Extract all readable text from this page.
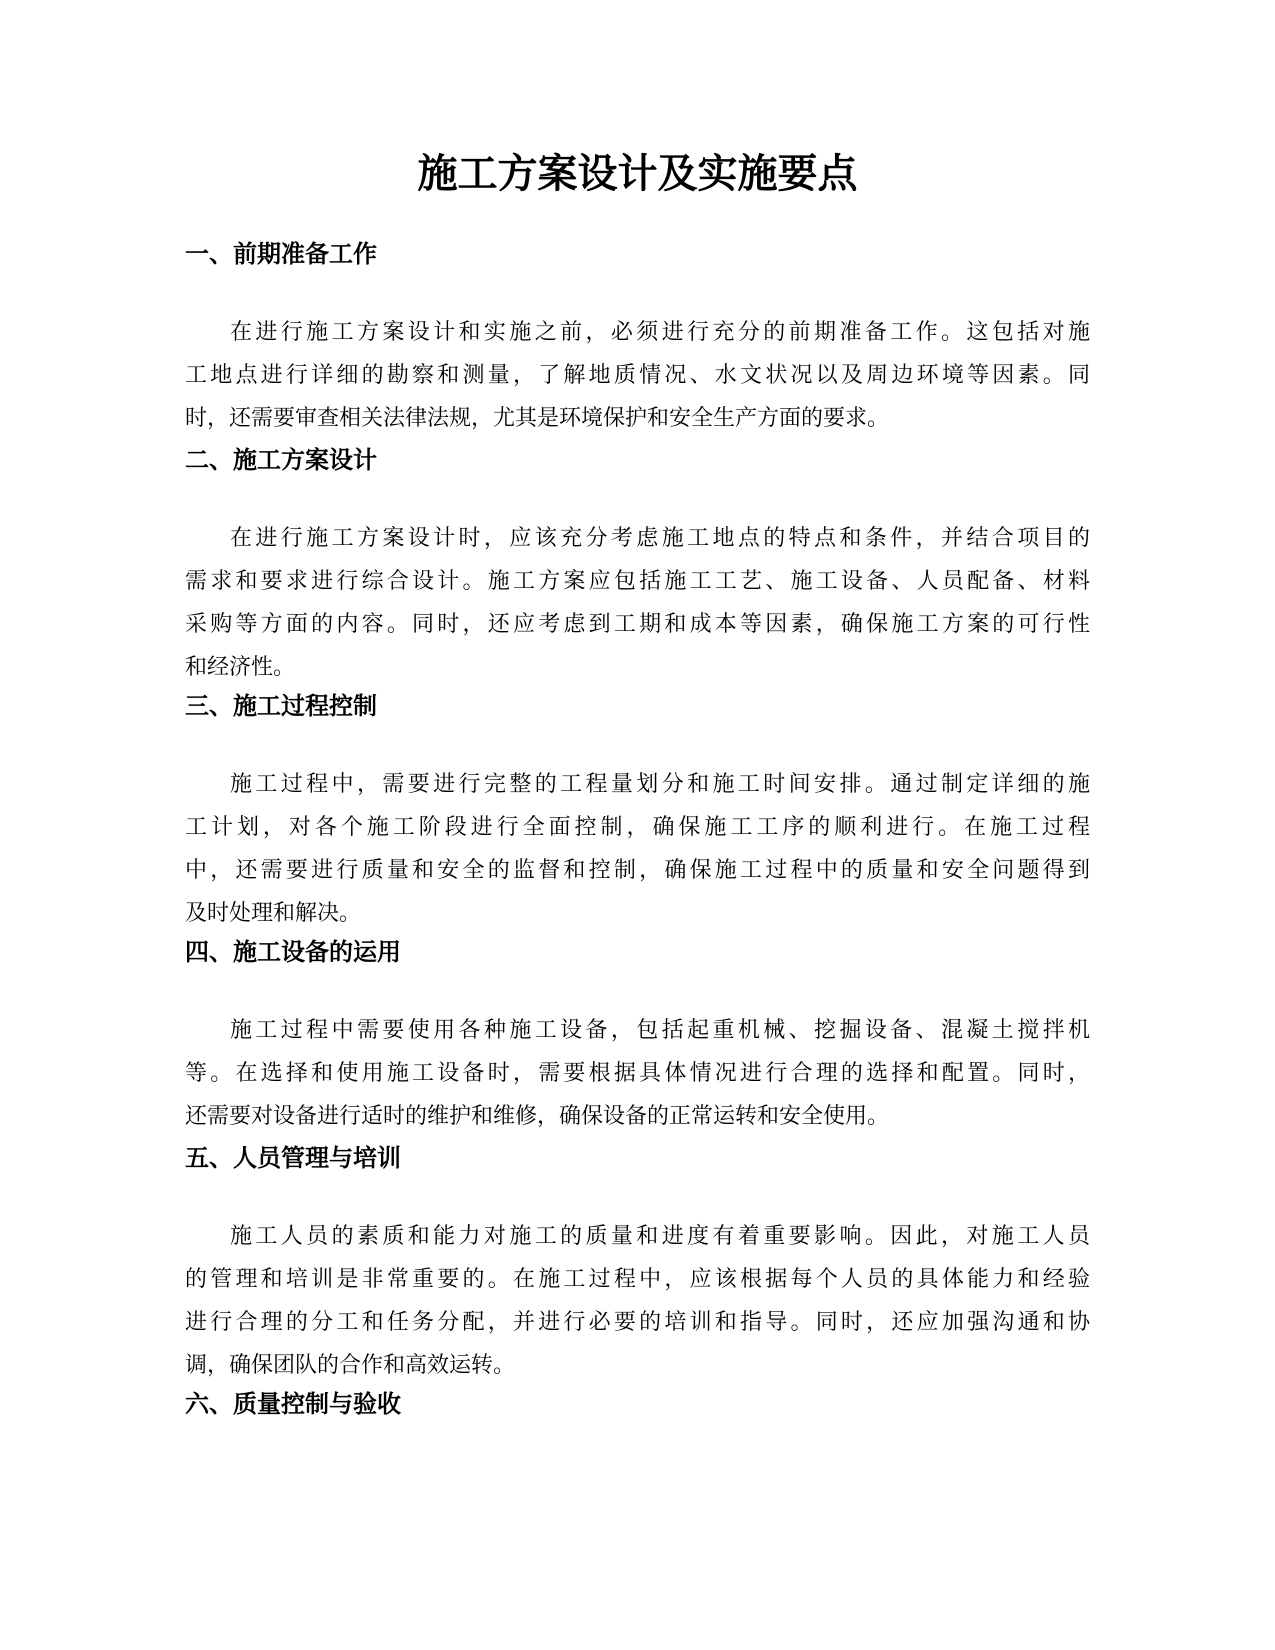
施工方案设计及实施要点
一、前期准备工作
在进行施工方案设计和实施之前，必须进行充分的前期准备工作。这包括对施
工地点进行详细的勘察和测量，了解地质情况、水文状况以及周边环境等因素。同
时，还需要审查相关法律法规，尤其是环境保护和安全生产方面的要求。
二、施工方案设计
在进行施工方案设计时，应该充分考虑施工地点的特点和条件，并结合项目的
需求和要求进行综合设计。施工方案应包括施工工艺、施工设备、人员配备、材料
采购等方面的内容。同时，还应考虑到工期和成本等因素，确保施工方案的可行性
和经济性。
三、施工过程控制
施工过程中，需要进行完整的工程量划分和施工时间安排。通过制定详细的施
工计划，对各个施工阶段进行全面控制，确保施工工序的顺利进行。在施工过程
中，还需要进行质量和安全的监督和控制，确保施工过程中的质量和安全问题得到
及时处理和解决。
四、施工设备的运用
施工过程中需要使用各种施工设备，包括起重机械、挖掘设备、混凝土搅拌机
等。在选择和使用施工设备时，需要根据具体情况进行合理的选择和配置。同时，
还需要对设备进行适时的维护和维修，确保设备的正常运转和安全使用。
五、人员管理与培训
施工人员的素质和能力对施工的质量和进度有着重要影响。因此，对施工人员
的管理和培训是非常重要的。在施工过程中，应该根据每个人员的具体能力和经验
进行合理的分工和任务分配，并进行必要的培训和指导。同时，还应加强沟通和协
调，确保团队的合作和高效运转。
六、质量控制与验收
